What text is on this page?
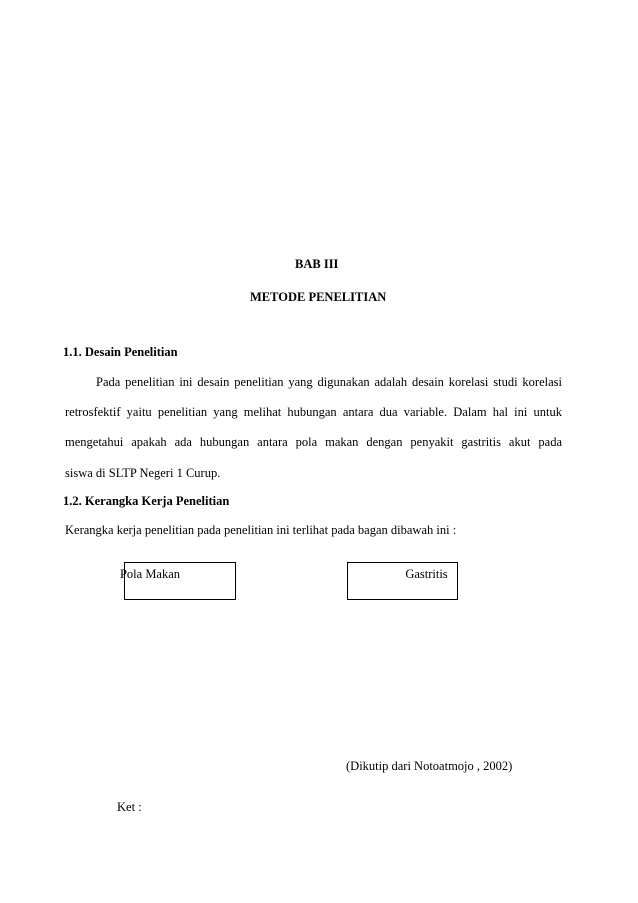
BAB III
METODE PENELITIAN
1.1. Desain Penelitian
Pada penelitian ini desain penelitian yang digunakan adalah desain korelasi studi korelasi
retrosfektif yaitu penelitian yang melihat hubungan antara dua variable. Dalam hal ini untuk
mengetahui apakah ada hubungan antara pola makan dengan penyakit gastritis akut pada
siswa di SLTP Negeri 1 Curup.
1.2. Kerangka Kerja Penelitian
Kerangka kerja penelitian pada penelitian ini terlihat pada bagan dibawah ini :
Pola Makan	Gastritis
(Dikutip dari Notoatmojo , 2002)
Ket :
